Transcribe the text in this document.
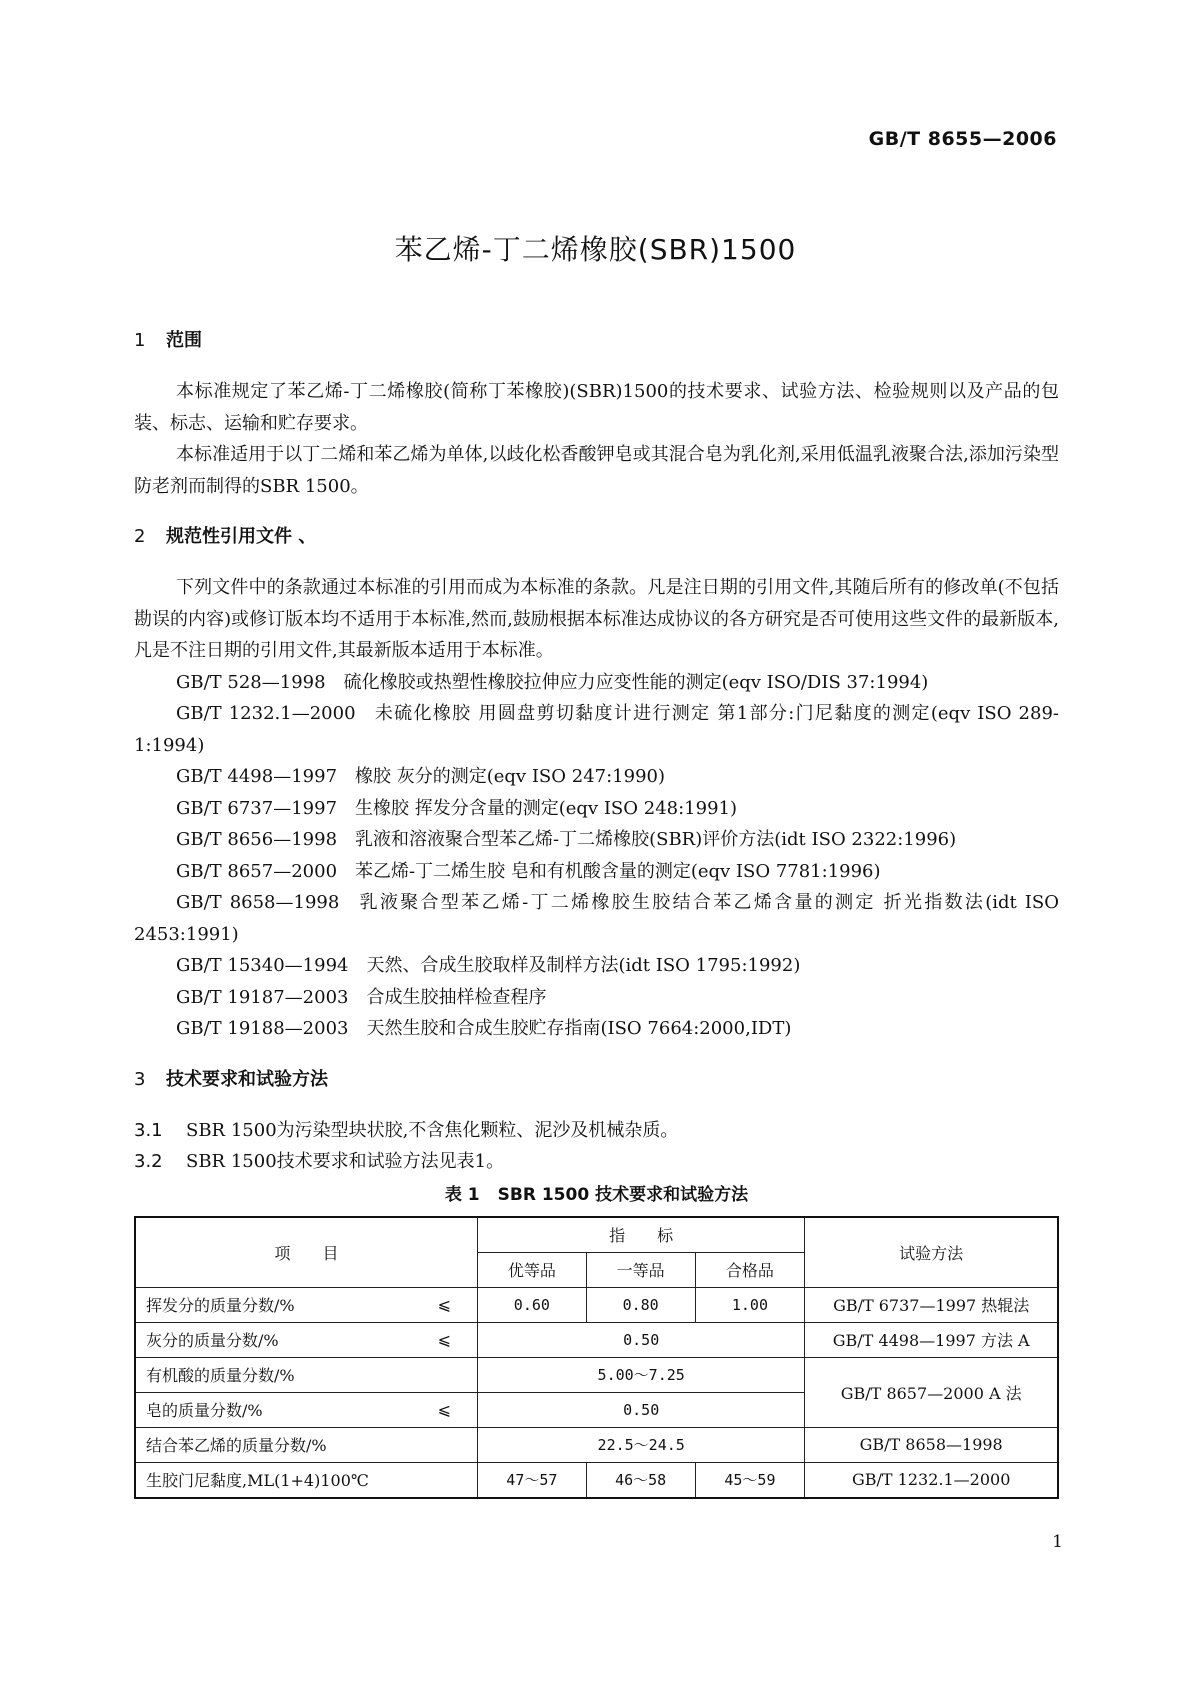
GB/T 8655—2006
苯乙烯-丁二烯橡胶(SBR)1500
1 范围

本标准规定了苯乙烯-丁二烯橡胶(简称丁苯橡胶)(SBR)1500的技术要求、试验方法、检验规则以及产品的包装、标志、运输和贮存要求。

本标准适用于以丁二烯和苯乙烯为单体,以歧化松香酸钾皂或其混合皂为乳化剂,采用低温乳液聚合法,添加污染型防老剂而制得的SBR 1500。

2 规范性引用文件 、

下列文件中的条款通过本标准的引用而成为本标准的条款。凡是注日期的引用文件,其随后所有的修改单(不包括勘误的内容)或修订版本均不适用于本标准,然而,鼓励根据本标准达成协议的各方研究是否可使用这些文件的最新版本,凡是不注日期的引用文件,其最新版本适用于本标准。

GB/T 528—1998 硫化橡胶或热塑性橡胶拉伸应力应变性能的测定(eqv ISO/DIS 37:1994)

GB/T 1232.1—2000 未硫化橡胶 用圆盘剪切黏度计进行测定 第1部分:门尼黏度的测定(eqv ISO 289-1:1994)

GB/T 4498—1997 橡胶 灰分的测定(eqv ISO 247:1990)

GB/T 6737—1997 生橡胶 挥发分含量的测定(eqv ISO 248:1991)

GB/T 8656—1998 乳液和溶液聚合型苯乙烯-丁二烯橡胶(SBR)评价方法(idt ISO 2322:1996)

GB/T 8657—2000 苯乙烯-丁二烯生胶 皂和有机酸含量的测定(eqv ISO 7781:1996)

GB/T 8658—1998 乳液聚合型苯乙烯-丁二烯橡胶生胶结合苯乙烯含量的测定 折光指数法(idt ISO 2453:1991)

GB/T 15340—1994 天然、合成生胶取样及制样方法(idt ISO 1795:1992)

GB/T 19187—2003 合成生胶抽样检查程序

GB/T 19188—2003 天然生胶和合成生胶贮存指南(ISO 7664:2000,IDT)

3 技术要求和试验方法

3.1 SBR 1500为污染型块状胶,不含焦化颗粒、泥沙及机械杂质。

3.2 SBR 1500技术要求和试验方法见表1。

表 1 SBR 1500 技术要求和试验方法
项　　目	指　　标			试验方法
	优等品	一等品	合格品	
挥发分的质量分数/% ⩽	0.60	0.80	1.00	GB/T 6737—1997 热辊法
灰分的质量分数/% ⩽	0.50			GB/T 4498—1997 方法 A
有机酸的质量分数/%	5.00～7.25			GB/T 8657—2000 A 法
皂的质量分数/% ⩽	0.50			
结合苯乙烯的质量分数/%	22.5～24.5			GB/T 8658—1998
生胶门尼黏度,ML(1+4)100℃	47～57	46～58	45～59	GB/T 1232.1—2000
1
